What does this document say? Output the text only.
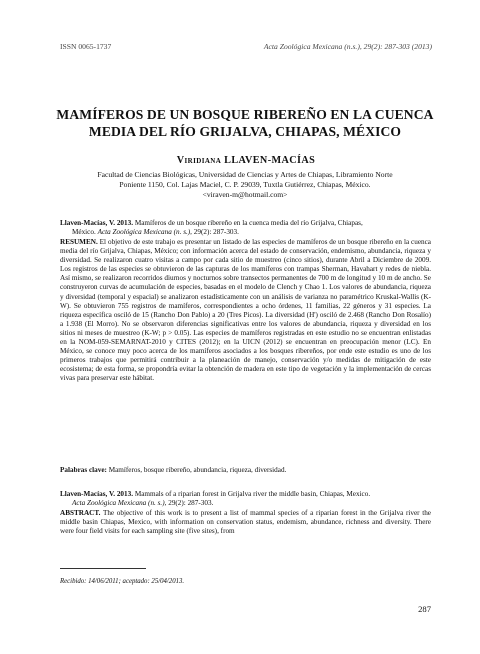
ISSN 0065-1737	Acta Zoológica Mexicana (n.s.), 29(2): 287-303 (2013)
MAMÍFEROS DE UN BOSQUE RIBEREÑO EN LA CUENCA
MEDIA DEL RÍO GRIJALVA, CHIAPAS, MÉXICO
Viridiana LLAVEN-MACÍAS
Facultad de Ciencias Biológicas, Universidad de Ciencias y Artes de Chiapas, Libramiento Norte
Poniente 1150, Col. Lajas Maciel, C. P. 29039, Tuxtla Gutiérrez, Chiapas, México.
<viraven-m@hotmail.com>

Llaven-Macías, V. 2013. Mamíferos de un bosque ribereño en la cuenca media del río Grijalva, Chiapas,

México. Acta Zoológica Mexicana (n. s.), 29(2): 287-303.

RESUMEN. El objetivo de este trabajo es presentar un listado de las especies de mamíferos de un bosque ribereño en la cuenca media del río Grijalva, Chiapas, México; con información acerca del estado de conservación, endemismo, abundancia, riqueza y diversidad. Se realizaron cuatro visitas a campo por cada sitio de muestreo (cinco sitios), durante Abril a Diciembre de 2009. Los registros de las especies se obtuvieron de las capturas de los mamíferos con trampas Sherman, Havahart y redes de niebla. Así mismo, se realizaron recorridos diurnos y nocturnos sobre transectos permanentes de 700 m de longitud y 10 m de ancho. Se construyeron curvas de acumulación de especies, basadas en el modelo de Clench y Chao 1. Los valores de abundancia, riqueza y diversidad (temporal y espacial) se analizaron estadísticamente con un análisis de varianza no paramétrico Kruskal-Wallis (K-W). Se obtuvieron 755 registros de mamíferos, correspondientes a ocho órdenes, 11 familias, 22 géneros y 31 especies. La riqueza específica osciló de 15 (Rancho Don Pablo) a 20 (Tres Picos). La diversidad (H') osciló de 2.468 (Rancho Don Rosalío) a 1.938 (El Morro). No se observaron diferencias significativas entre los valores de abundancia, riqueza y diversidad en los sitios ni meses de muestreo (K-W; p > 0.05). Las especies de mamíferos registradas en este estudio no se encuentran enlistadas en la NOM-059-SEMARNAT-2010 y CITES (2012); en la UICN (2012) se encuentran en preocupación menor (LC). En México, se conoce muy poco acerca de los mamíferos asociados a los bosques ribereños, por ende este estudio es uno de los primeros trabajos que permitirá contribuir a la planeación de manejo, conservación y/o medidas de mitigación de este ecosistema; de esta forma, se propondría evitar la obtención de madera en este tipo de vegetación y la implementación de cercas vivas para preservar este hábitat.

Palabras clave: Mamíferos, bosque ribereño, abundancia, riqueza, diversidad.

Llaven-Macías, V. 2013. Mammals of a riparian forest in Grijalva river the middle basin, Chiapas, Mexico.

Acta Zoológica Mexicana (n. s.), 29(2): 287-303.

ABSTRACT. The objective of this work is to present a list of mammal species of a riparian forest in the Grijalva river the middle basin Chiapas, Mexico, with information on conservation status, endemism, abundance, richness and diversity. There were four field visits for each sampling site (five sites), from

Recibido: 14/06/2011; aceptado: 25/04/2013.
287
